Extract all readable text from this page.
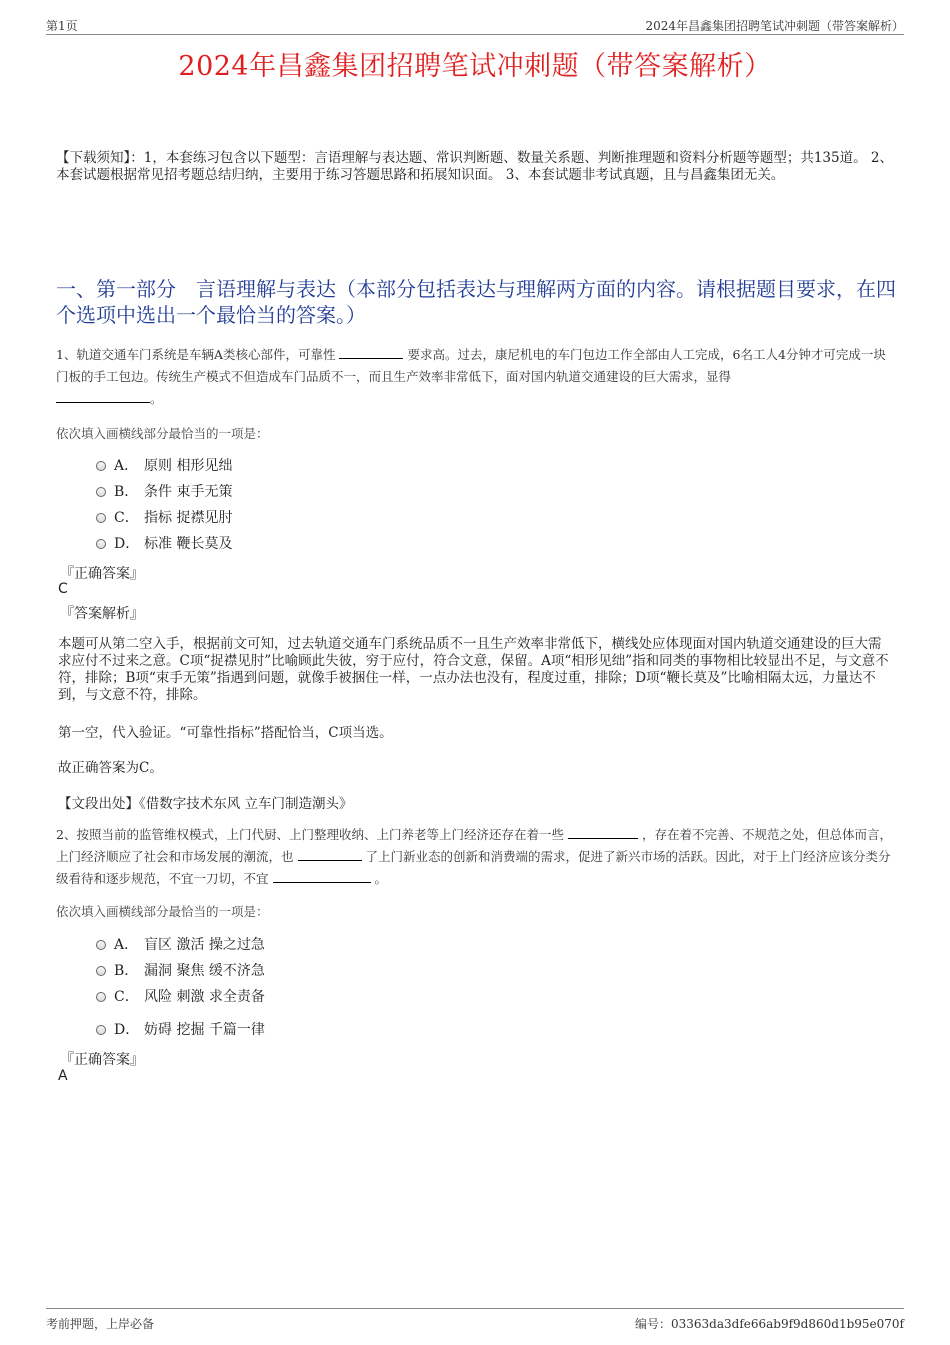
第1页	2024年昌鑫集团招聘笔试冲刺题（带答案解析）
2024年昌鑫集团招聘笔试冲刺题（带答案解析）
【下载须知】：1，本套练习包含以下题型：言语理解与表达题、常识判断题、数量关系题、判断推理题和资料分析题等题型；共135道。 2、本套试题根据常见招考题总结归纳，主要用于练习答题思路和拓展知识面。 3、本套试题非考试真题，且与昌鑫集团无关。
一、第一部分　言语理解与表达（本部分包括表达与理解两方面的内容。请根据题目要求，在四个选项中选出一个最恰当的答案。）
1、轨道交通车门系统是车辆A类核心部件，可靠性	要求高。过去，康尼机电的车门包边工作全部由人工完成，6名工人4分钟才可完成一块门板的手工包边。传统生产模式不但造成车门品质不一，而且生产效率非常低下，面对国内轨道交通建设的巨大需求，显得
。
依次填入画横线部分最恰当的一项是：
A． 原则 相形见绌
B． 条件 束手无策
C． 指标 捉襟见肘
D． 标准 鞭长莫及
『正确答案』
C
『答案解析』
本题可从第二空入手，根据前文可知，过去轨道交通车门系统品质不一且生产效率非常低下，横线处应体现面对国内轨道交通建设的巨大需求应付不过来之意。C项“捉襟见肘”比喻顾此失彼，穷于应付，符合文意，保留。A项“相形见绌”指和同类的事物相比较显出不足，与文意不符，排除；B项“束手无策”指遇到问题，就像手被捆住一样，一点办法也没有，程度过重，排除；D项“鞭长莫及”比喻相隔太远，力量达不到，与文意不符，排除。
第一空，代入验证。“可靠性指标”搭配恰当，C项当选。
故正确答案为C。
【文段出处】《借数字技术东风 立车门制造潮头》
2、按照当前的监管维权模式，上门代厨、上门整理收纳、上门养老等上门经济还存在着一些	，存在着不完善、不规范之处，但总体而言，上门经济顺应了社会和市场发展的潮流，也	了上门新业态的创新和消费端的需求，促进了新兴市场的活跃。因此，对于上门经济应该分类分级看待和逐步规范，不宜一刀切，不宜	。
依次填入画横线部分最恰当的一项是：
A． 盲区 激活 操之过急
B． 漏洞 聚焦 缓不济急
C． 风险 刺激 求全责备
D． 妨碍 挖掘 千篇一律
『正确答案』
A
考前押题，上岸必备	编号：03363da3dfe66ab9f9d860d1b95e070f
